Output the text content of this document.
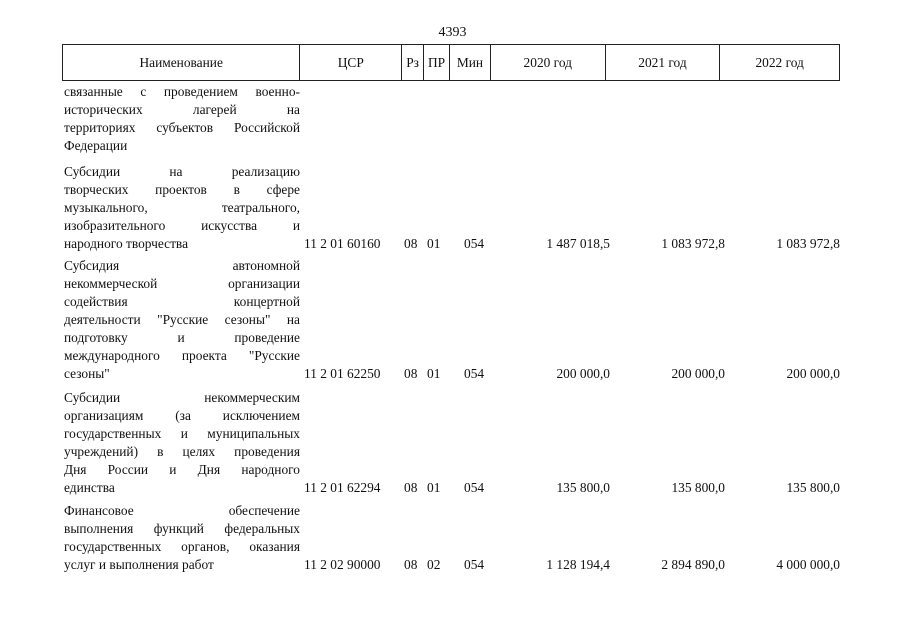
4393
Наименование	ЦСР	Рз ПР Мин	2020 год	2021 год	2022 год
связанные с проведением военно-
исторических лагерей на
территориях субъектов Российской
Федерации
Субсидии на реализацию
творческих проектов в сфере
музыкального, театрального,
изобразительного искусства и
народного творчества	11 2 01 60160 08 01 054	1 487 018,5	1 083 972,8	1 083 972,8
Субсидия автономной
некоммерческой организации
содействия концертной
деятельности "Русские сезоны" на
подготовку и проведение
международного проекта "Русские
сезоны"	11 2 01 62250 08 01 054	200 000,0	200 000,0	200 000,0
Субсидии некоммерческим
организациям (за исключением
государственных и муниципальных
учреждений) в целях проведения
Дня России и Дня народного
единства	11 2 01 62294 08 01 054	135 800,0	135 800,0	135 800,0
Финансовое обеспечение
выполнения функций федеральных
государственных органов, оказания
услуг и выполнения работ	11 2 02 90000 08 02 054	1 128 194,4	2 894 890,0	4 000 000,0
